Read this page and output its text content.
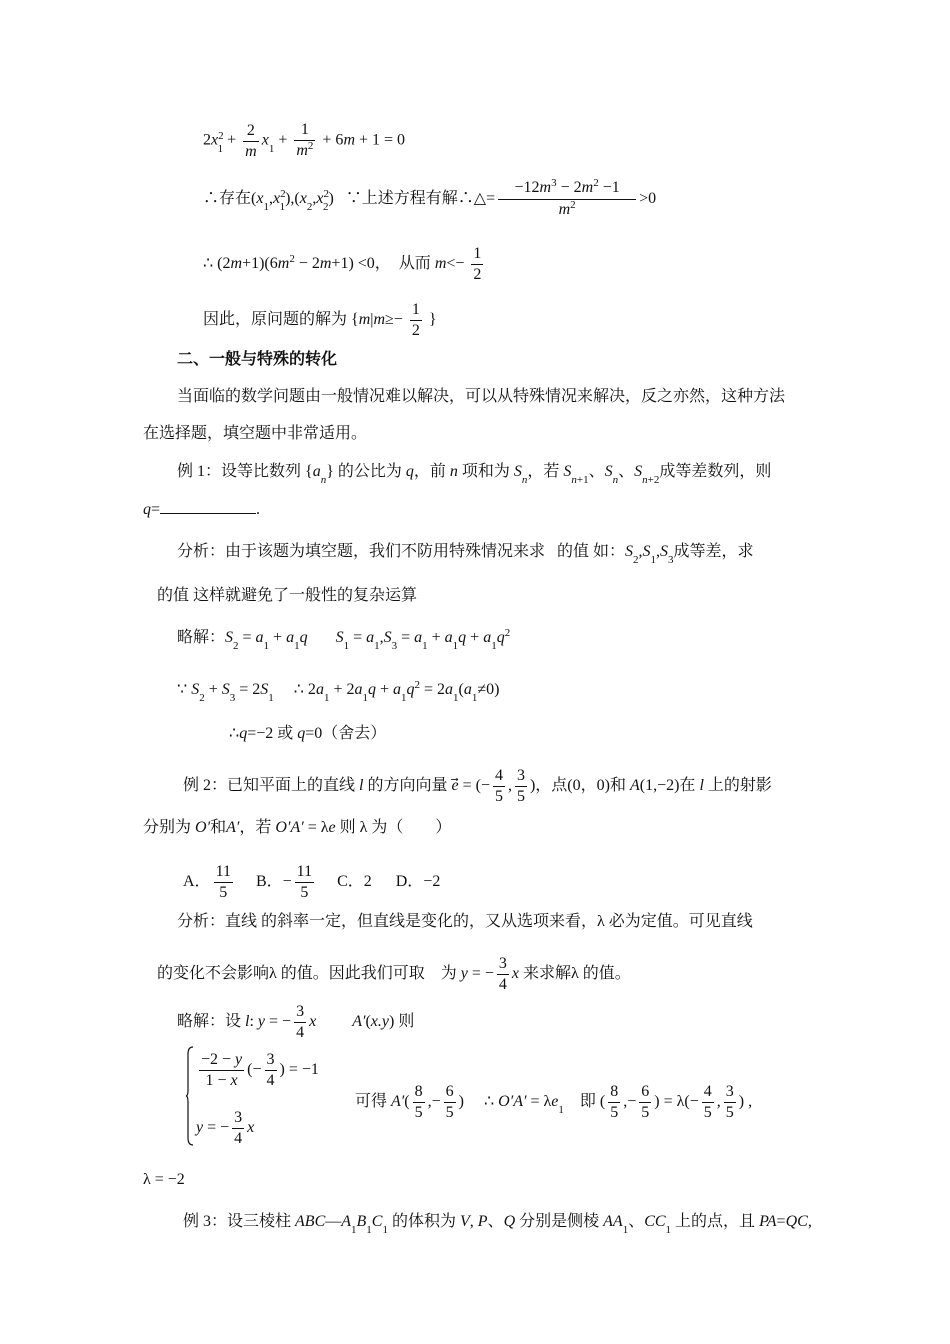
$2x^2_1 + \frac{2}{m} x_1 + \frac{1}{m^2} + 6m + 1 = 0$
∴存在$(x_1,x^2_1),(x_2,x^2_2)$   ∵上述方程有解∴△= $\frac{-12m^3 - 2m^2 -1}{m^2} >0$
∴ $(2m+1)(6m^2 - 2m+1) <0$，  从而 $m<- \frac{1}{2}$
因此，原问题的解为 {$m|m\ge- \frac{1}{2}$ }
二、一般与特殊的转化
当面临的数学问题由一般情况难以解决，可以从特殊情况来解决，反之亦然，这种方法
在选择题，填空题中非常适用。
例 1：设等比数列 $\{a_n\}$ 的公比为 q，前 n 项和为 $S_n$，若 $S_{n+1}$、$S_n$、$S_{n+2}$成等差数列，则
q=	.
分析：由于该题为填空题，我们不防用特殊情况来求   的值 如：$S_2,S_1,S_3$成等差，求
的值 这样就避免了一般性的复杂运算
略解：$S_2 = a_1 + a_1q$ $S_1 = a_1,S_3 = a_1 + a_1q + a_1q^2$
∵ $S_2 + S_3 = 2S_1$     ∴ $2a_1 + 2a_1q + a_1q^2 = 2a_1(a_1\ne 0)$
∴q=−2 或 q=0（舍去）
例 2：已知平面上的直线 l 的方向向量 e⃗ = (− $\frac{4}{5}$ , $\frac{3}{5}$ )，点(0，0)和 A(1,−2)在 l 上的射影
分别为 O′和A′，若 O′A′ = λe 则 λ 为（        ）
A． $\frac{11}{5}$ B．− $\frac{11}{5}$ C．2      D．−2
分析：直线 的斜率一定，但直线是变化的，又从选项来看，λ 必为定值。可见直线
的变化不会影响λ 的值。因此我们可取    为 y = − $\frac{3}{4}$ x 来求解λ 的值。
略解：设 l: y = − $\frac{3}{4}$ x A′(x.y) 则
$\frac{-2 - y}{1 - x}$ (− $\frac{3}{4}$ ) = −1
y = − $\frac{3}{4}$ x
可得 $A'( \frac{8}{5}$ ,− $\frac{6}{5}$ )     ∴ $O'A' = \lambda e_1$    即 ( $\frac{8}{5}$ ,− $\frac{6}{5}$ ) = $\lambda(- \frac{4}{5}$ , $\frac{3}{5}$ ) ,
λ = −2
例 3：设三棱柱 $ABC—A_1B_1C_1$ 的体积为 V, P、Q 分别是侧棱 $AA_1$、$CC_1$ 上的点，且 PA=QC,
